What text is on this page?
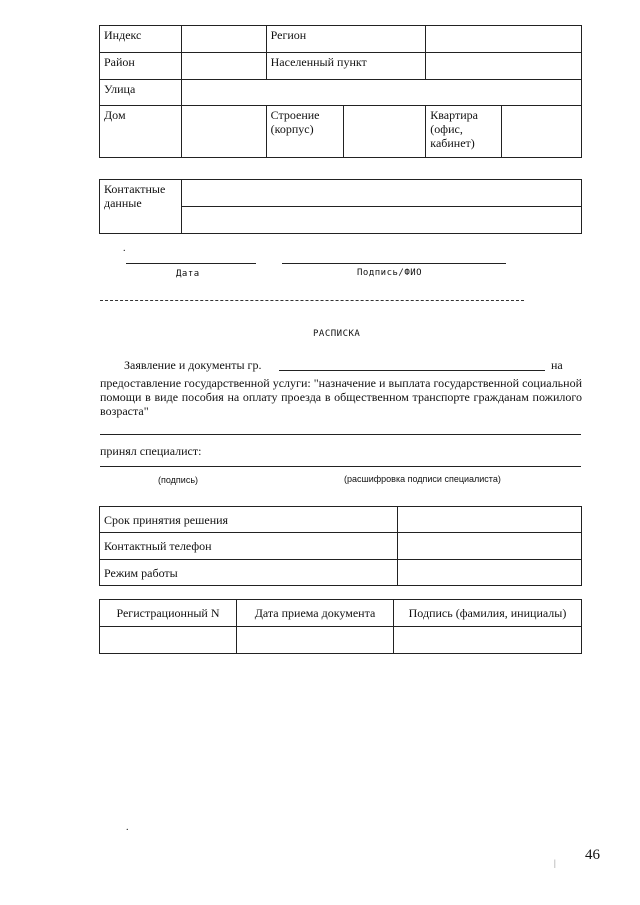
Индекс		Регион			
Район		Населенный пункт			
Улица					
Дом		Строение (корпус)		Квартира (офис, кабинет)	
Контактные данные	

.
Дата	Подпись/ФИО
РАСПИСКА
Заявление и документы гр.	на
предоставление государственной услуги: "назначение и выплата государственной социальной помощи в виде пособия на оплату проезда в общественном транспорте гражданам пожилого возраста"
принял специалист:
(подпись)	(расшифровка подписи специалиста)
Срок принятия решения	
Контактный телефон	
Режим работы	
Регистрационный N	Дата приема документа	Подпись (фамилия, инициалы)

.
| 46
